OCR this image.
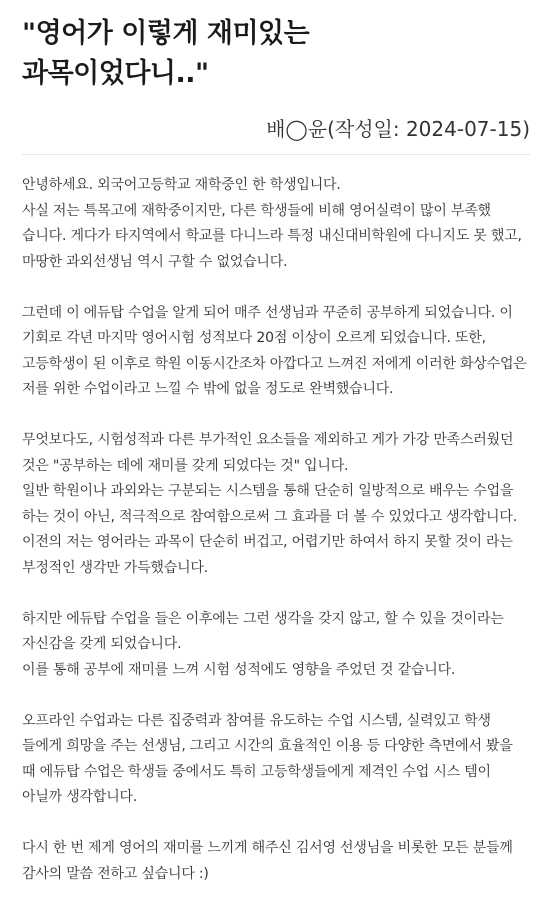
"영어가 이렇게 재미있는
과목이었다니.."
배◯윤(작성일: 2024-07-15)

안녕하세요. 외국어고등학교 재학중인 한 학생입니다.
사실 저는 특목고에 재학중이지만, 다른 학생들에 비해 영어실력이 많이 부족했 습니다. 게다가 타지역에서 학교를 다니느라 특정 내신대비학원에 다니지도 못 했고, 마땅한 과외선생님 역시 구할 수 없었습니다.

그런데 이 에듀탑 수업을 알게 되어 매주 선생님과 꾸준히 공부하게 되었습니다. 이 기회로 각년 마지막 영어시험 성적보다 20점 이상이 오르게 되었습니다. 또한, 고등학생이 된 이후로 학원 이동시간조차 아깝다고 느껴진 저에게 이러한 화상수업은 저를 위한 수업이라고 느낄 수 밖에 없을 정도로 완벽했습니다.

무엇보다도, 시험성적과 다른 부가적인 요소들을 제외하고 게가 가강 만족스러웠던 것은 "공부하는 데에 재미를 갖게 되었다는 것" 입니다.
일반 학원이나 과외와는 구분되는 시스템을 통해 단순히 일방적으로 배우는 수업을 하는 것이 아닌, 적극적으로 참여함으로써 그 효과를 더 볼 수 있었다고 생각합니다. 이전의 저는 영어라는 과목이 단순히 버겁고, 어렵기만 하여서 하지 못할 것이 라는 부정적인 생각만 가득했습니다.

하지만 에듀탑 수업을 들은 이후에는 그런 생각을 갖지 않고, 할 수 있을 것이라는 자신감을 갖게 되었습니다.
이를 통해 공부에 재미를 느껴 시험 성적에도 영향을 주었던 것 같습니다.

오프라인 수업과는 다른 집중력과 참여를 유도하는 수업 시스템, 실력있고 학생 들에게 희망을 주는 선생님, 그리고 시간의 효율적인 이용 등 다양한 측면에서 봤을 때 에듀탑 수업은 학생들 중에서도 특히 고등학생들에게 제격인 수업 시스 템이 아닐까 생각합니다.

다시 한 번 제게 영어의 재미를 느끼게 해주신 김서영 선생님을 비롯한 모든 분들께 감사의 말씀 전하고 싶습니다 :)
